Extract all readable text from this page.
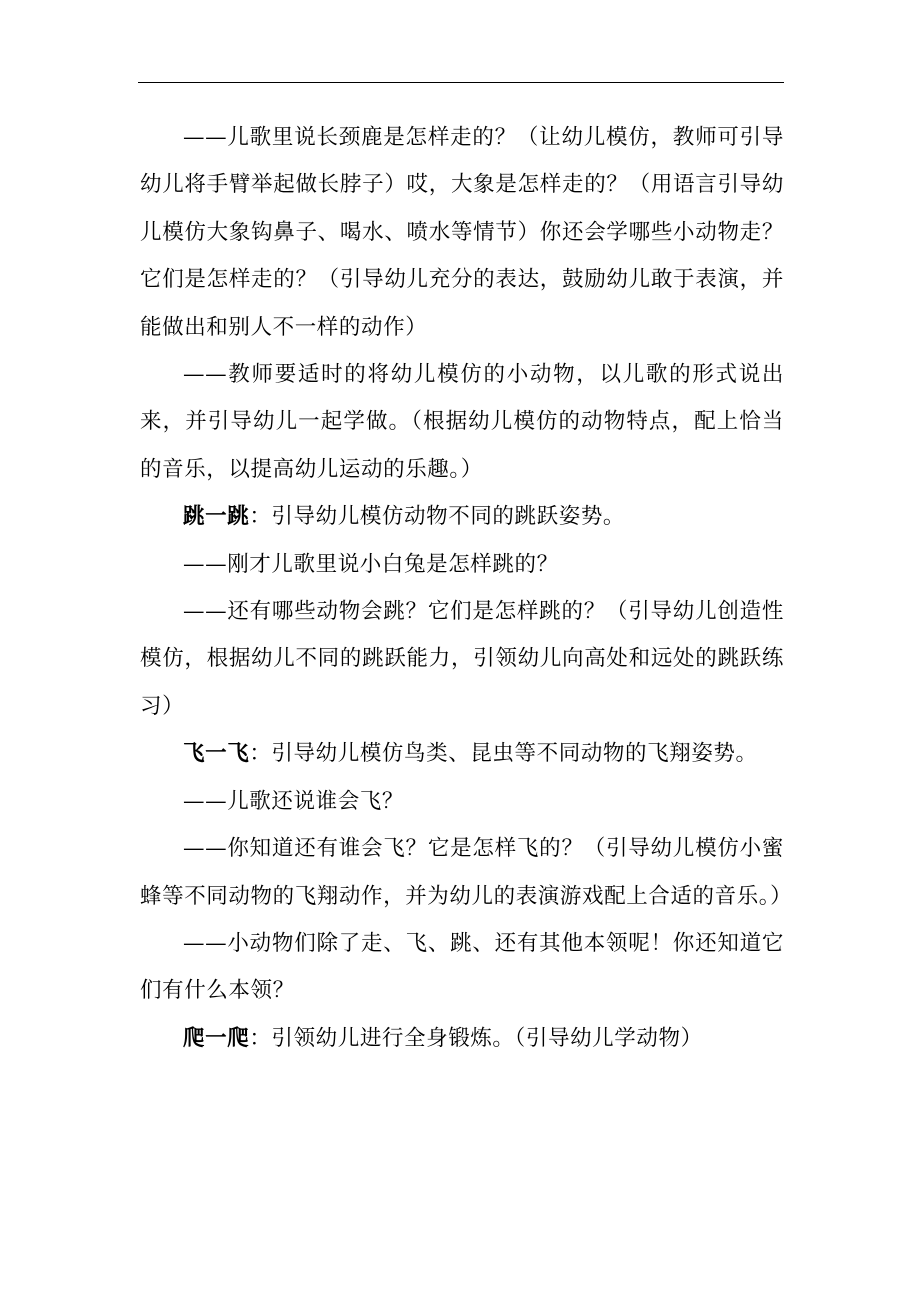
——儿歌里说长颈鹿是怎样走的？（让幼儿模仿，教师可引导幼儿将手臂举起做长脖子）哎，大象是怎样走的？（用语言引导幼儿模仿大象钩鼻子、喝水、喷水等情节）你还会学哪些小动物走？它们是怎样走的？（引导幼儿充分的表达，鼓励幼儿敢于表演，并能做出和别人不一样的动作）

——教师要适时的将幼儿模仿的小动物，以儿歌的形式说出来，并引导幼儿一起学做。（根据幼儿模仿的动物特点，配上恰当的音乐，以提高幼儿运动的乐趣。）

跳一跳：引导幼儿模仿动物不同的跳跃姿势。

——刚才儿歌里说小白兔是怎样跳的？

——还有哪些动物会跳？它们是怎样跳的？（引导幼儿创造性模仿，根据幼儿不同的跳跃能力，引领幼儿向高处和远处的跳跃练习）

飞一飞：引导幼儿模仿鸟类、昆虫等不同动物的飞翔姿势。

——儿歌还说谁会飞？

——你知道还有谁会飞？它是怎样飞的？（引导幼儿模仿小蜜蜂等不同动物的飞翔动作，并为幼儿的表演游戏配上合适的音乐。）

——小动物们除了走、飞、跳、还有其他本领呢！你还知道它们有什么本领？

爬一爬：引领幼儿进行全身锻炼。（引导幼儿学动物）
